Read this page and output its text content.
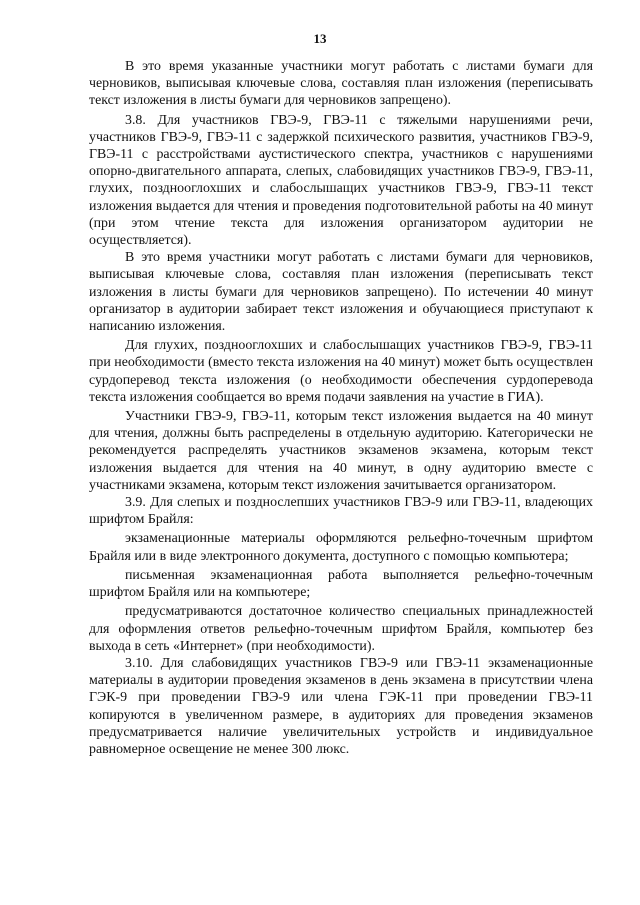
13

В это время указанные участники могут работать с листами бумаги для черновиков, выписывая ключевые слова, составляя план изложения (переписывать текст изложения в листы бумаги для черновиков запрещено).

3.8. Для участников ГВЭ-9, ГВЭ-11 с тяжелыми нарушениями речи, участников ГВЭ-9, ГВЭ-11 с задержкой психического развития, участников ГВЭ-9, ГВЭ-11 с расстройствами аустистического спектра, участников с нарушениями опорно-двигательного аппарата, слепых, слабовидящих участников ГВЭ-9, ГВЭ-11, глухих, позднооглохших и слабослышащих участников ГВЭ-9, ГВЭ-11 текст изложения выдается для чтения и проведения подготовительной работы на 40 минут (при этом чтение текста для изложения организатором аудитории не осуществляется).

В это время участники могут работать с листами бумаги для черновиков, выписывая ключевые слова, составляя план изложения (переписывать текст изложения в листы бумаги для черновиков запрещено). По истечении 40 минут организатор в аудитории забирает текст изложения и обучающиеся приступают к написанию изложения.

Для глухих, позднооглохших и слабослышащих участников ГВЭ-9, ГВЭ-11 при необходимости (вместо текста изложения на 40 минут) может быть осуществлен сурдоперевод текста изложения (о необходимости обеспечения сурдоперевода текста изложения сообщается во время подачи заявления на участие в ГИА).

Участники ГВЭ-9, ГВЭ-11, которым текст изложения выдается на 40 минут для чтения, должны быть распределены в отдельную аудиторию. Категорически не рекомендуется распределять участников экзаменов экзамена, которым текст изложения выдается для чтения на 40 минут, в одну аудиторию вместе с участниками экзамена, которым текст изложения зачитывается организатором.

3.9. Для слепых и позднослепших участников ГВЭ-9 или ГВЭ-11, владеющих шрифтом Брайля:

экзаменационные материалы оформляются рельефно-точечным шрифтом Брайля или в виде электронного документа, доступного с помощью компьютера;

письменная экзаменационная работа выполняется рельефно-точечным шрифтом Брайля или на компьютере;

предусматриваются достаточное количество специальных принадлежностей для оформления ответов рельефно-точечным шрифтом Брайля, компьютер без выхода в сеть «Интернет» (при необходимости).

3.10. Для слабовидящих участников ГВЭ-9 или ГВЭ-11 экзаменационные материалы в аудитории проведения экзаменов в день экзамена в присутствии члена ГЭК-9 при проведении ГВЭ-9 или члена ГЭК-11 при проведении ГВЭ-11 копируются в увеличенном размере, в аудиториях для проведения экзаменов предусматривается наличие увеличительных устройств и индивидуальное равномерное освещение не менее 300 люкс.
